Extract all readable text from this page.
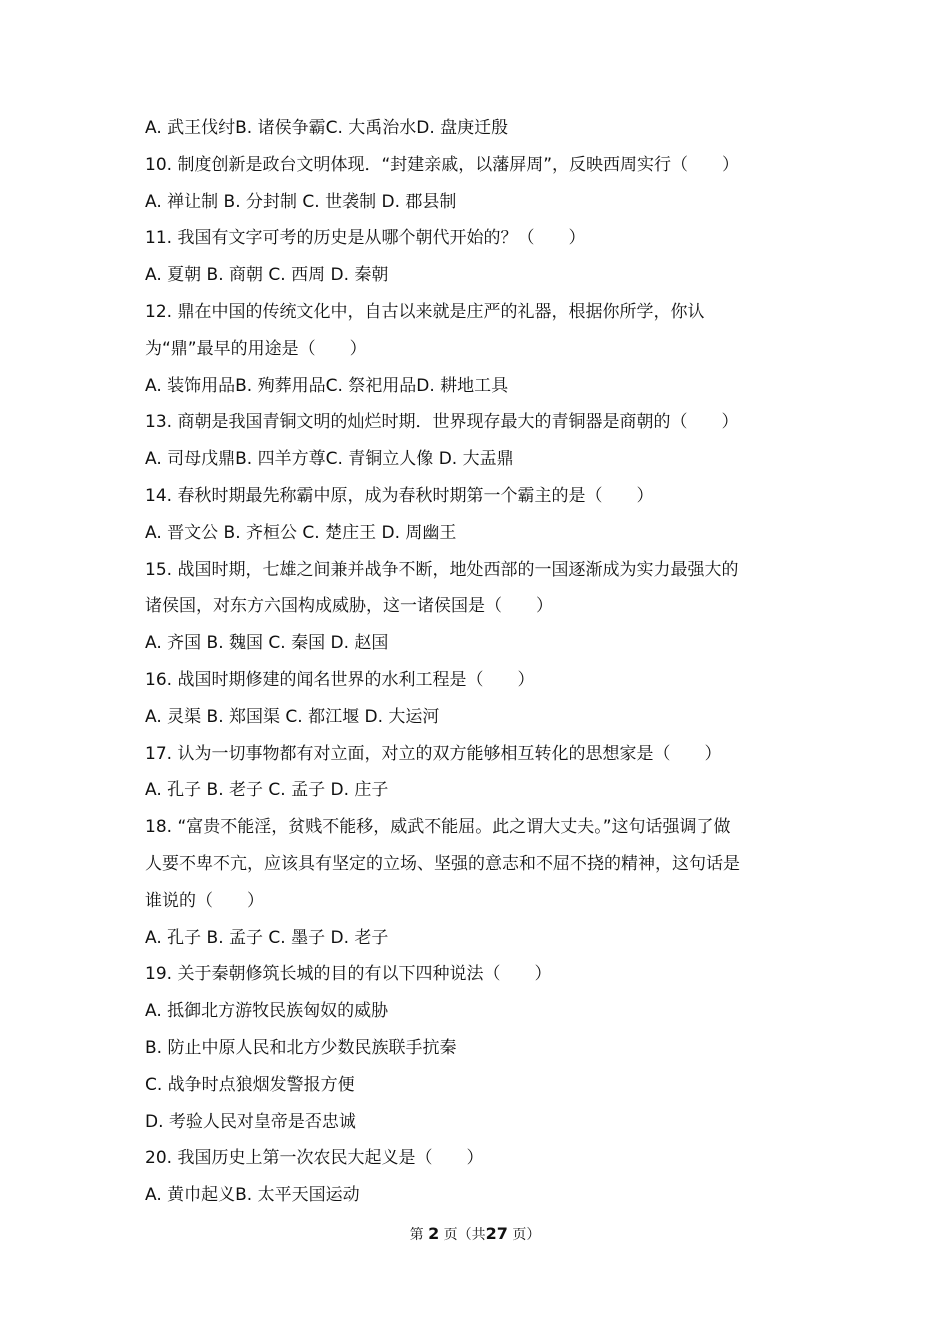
A. 武王伐纣B. 诸侯争霸C. 大禹治水D. 盘庚迁殷
10. 制度创新是政台文明体现．“封建亲戚，以藩屏周”，反映西周实行（　　）
A. 禅让制 B. 分封制 C. 世袭制 D. 郡县制
11. 我国有文字可考的历史是从哪个朝代开始的？（　　）
A. 夏朝 B. 商朝 C. 西周 D. 秦朝
12. 鼎在中国的传统文化中，自古以来就是庄严的礼器，根据你所学，你认
为“鼎”最早的用途是（　　）
A. 装饰用品B. 殉葬用品C. 祭祀用品D. 耕地工具
13. 商朝是我国青铜文明的灿烂时期．世界现存最大的青铜器是商朝的（　　）
A. 司母戊鼎B. 四羊方尊C. 青铜立人像 D. 大盂鼎
14. 春秋时期最先称霸中原，成为春秋时期第一个霸主的是（　　）
A. 晋文公 B. 齐桓公 C. 楚庄王 D. 周幽王
15. 战国时期，七雄之间兼并战争不断，地处西部的一国逐渐成为实力最强大的
诸侯国，对东方六国构成威胁，这一诸侯国是（　　）
A. 齐国 B. 魏国 C. 秦国 D. 赵国
16. 战国时期修建的闻名世界的水利工程是（　　）
A. 灵渠 B. 郑国渠 C. 都江堰 D. 大运河
17. 认为一切事物都有对立面，对立的双方能够相互转化的思想家是（　　）
A. 孔子 B. 老子 C. 孟子 D. 庄子
18. “富贵不能淫，贫贱不能移，威武不能屈。此之谓大丈夫。”这句话强调了做
人要不卑不亢，应该具有坚定的立场、坚强的意志和不屈不挠的精神，这句话是
谁说的（　　）
A. 孔子 B. 孟子 C. 墨子 D. 老子
19. 关于秦朝修筑长城的目的有以下四种说法（　　）
A. 抵御北方游牧民族匈奴的威胁
B. 防止中原人民和北方少数民族联手抗秦
C. 战争时点狼烟发警报方便
D. 考验人民对皇帝是否忠诚
20. 我国历史上第一次农民大起义是（　　）
A. 黄巾起义B. 太平天国运动
第 2 页（共27 页）
